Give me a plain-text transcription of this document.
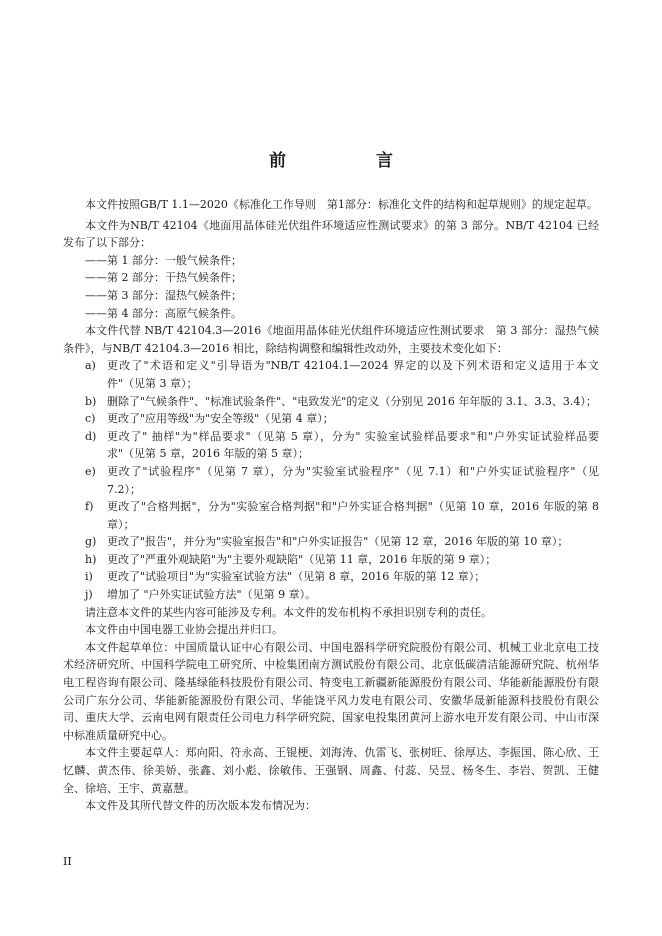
前 言

本文件按照GB/T 1.1—2020《标准化工作导则　第1部分：标准化文件的结构和起草规则》的规定起草。

本文件为NB/T 42104《地面用晶体硅光伏组件环境适应性测试要求》的第 3 部分。NB/T 42104 已经发布了以下部分：

——第 1 部分：一般气候条件；

——第 2 部分：干热气候条件；

——第 3 部分：湿热气候条件；

——第 4 部分：高原气候条件。

本文件代替 NB/T 42104.3—2016《地面用晶体硅光伏组件环境适应性测试要求　第 3 部分：湿热气候条件》，与NB/T 42104.3—2016 相比，除结构调整和编辑性改动外，主要技术变化如下：

a)	更改了"术语和定义"引导语为"NB/T 42104.1—2024 界定的以及下列术语和定义适用于本文件"（见第 3 章）；
b) 删除了"气候条件"、"标准试验条件"、"电致发光"的定义（分别见 2016 年年版的 3.1、3.3、3.4）；
c)	更改了"应用等级"为"安全等级"（见第 4 章）；
d) 更改了" 抽样"为"样品要求"（见第 5 章），分为" 实验室试验样品要求"和"户外实证试验样品要求"（见第 5 章，2016 年版的第 5 章）；
e)	更改了"试验程序"（见第 7 章），分为"实验室试验程序"（见 7.1）和"户外实证试验程序"（见 7.2）；
f)	更改了"合格判据"，分为"实验室合格判据"和"户外实证合格判据"（见第 10 章，2016 年版的第 8 章）；
g) 更改了"报告"，并分为"实验室报告"和"户外实证报告"（见第 12 章，2016 年版的第 10 章）；
h) 更改了"严重外观缺陷"为"主要外观缺陷"（见第 11 章，2016 年版的第 9 章）；
i)	更改了"试验项目"为"实验室试验方法"（见第 8 章，2016 年版的第 12 章）；
j)	增加了 "户外实证试验方法"（见第 9 章）。

请注意本文件的某些内容可能涉及专利。本文件的发布机构不承担识别专利的责任。

本文件由中国电器工业协会提出并归口。

本文件起草单位：中国质量认证中心有限公司、中国电器科学研究院股份有限公司、机械工业北京电工技术经济研究所、中国科学院电工研究所、中检集团南方测试股份有限公司、北京低碳清洁能源研究院、杭州华电工程咨询有限公司、隆基绿能科技股份有限公司、特变电工新疆新能源股份有限公司、华能新能源股份有限公司广东分公司、华能新能源股份有限公司、华能饶平风力发电有限公司、安徽华晟新能源科技股份有限公司、重庆大学、云南电网有限责任公司电力科学研究院、国家电投集团黄河上游水电开发有限公司、中山市深中标准质量研究中心。

本文件主要起草人：郑向阳、符永高、王锟梗、刘海涛、仇雷飞、张树旺、徐厚达、李振国、陈心欣、王忆麟、黄杰伟、徐美娇、张鑫、刘小彪、徐敏伟、王强钢、周鑫、付蕊、吴昱、杨冬生、李岩、贺凯、王健全、徐培、王宇、黄嘉慧。

本文件及其所代替文件的历次版本发布情况为：

II
